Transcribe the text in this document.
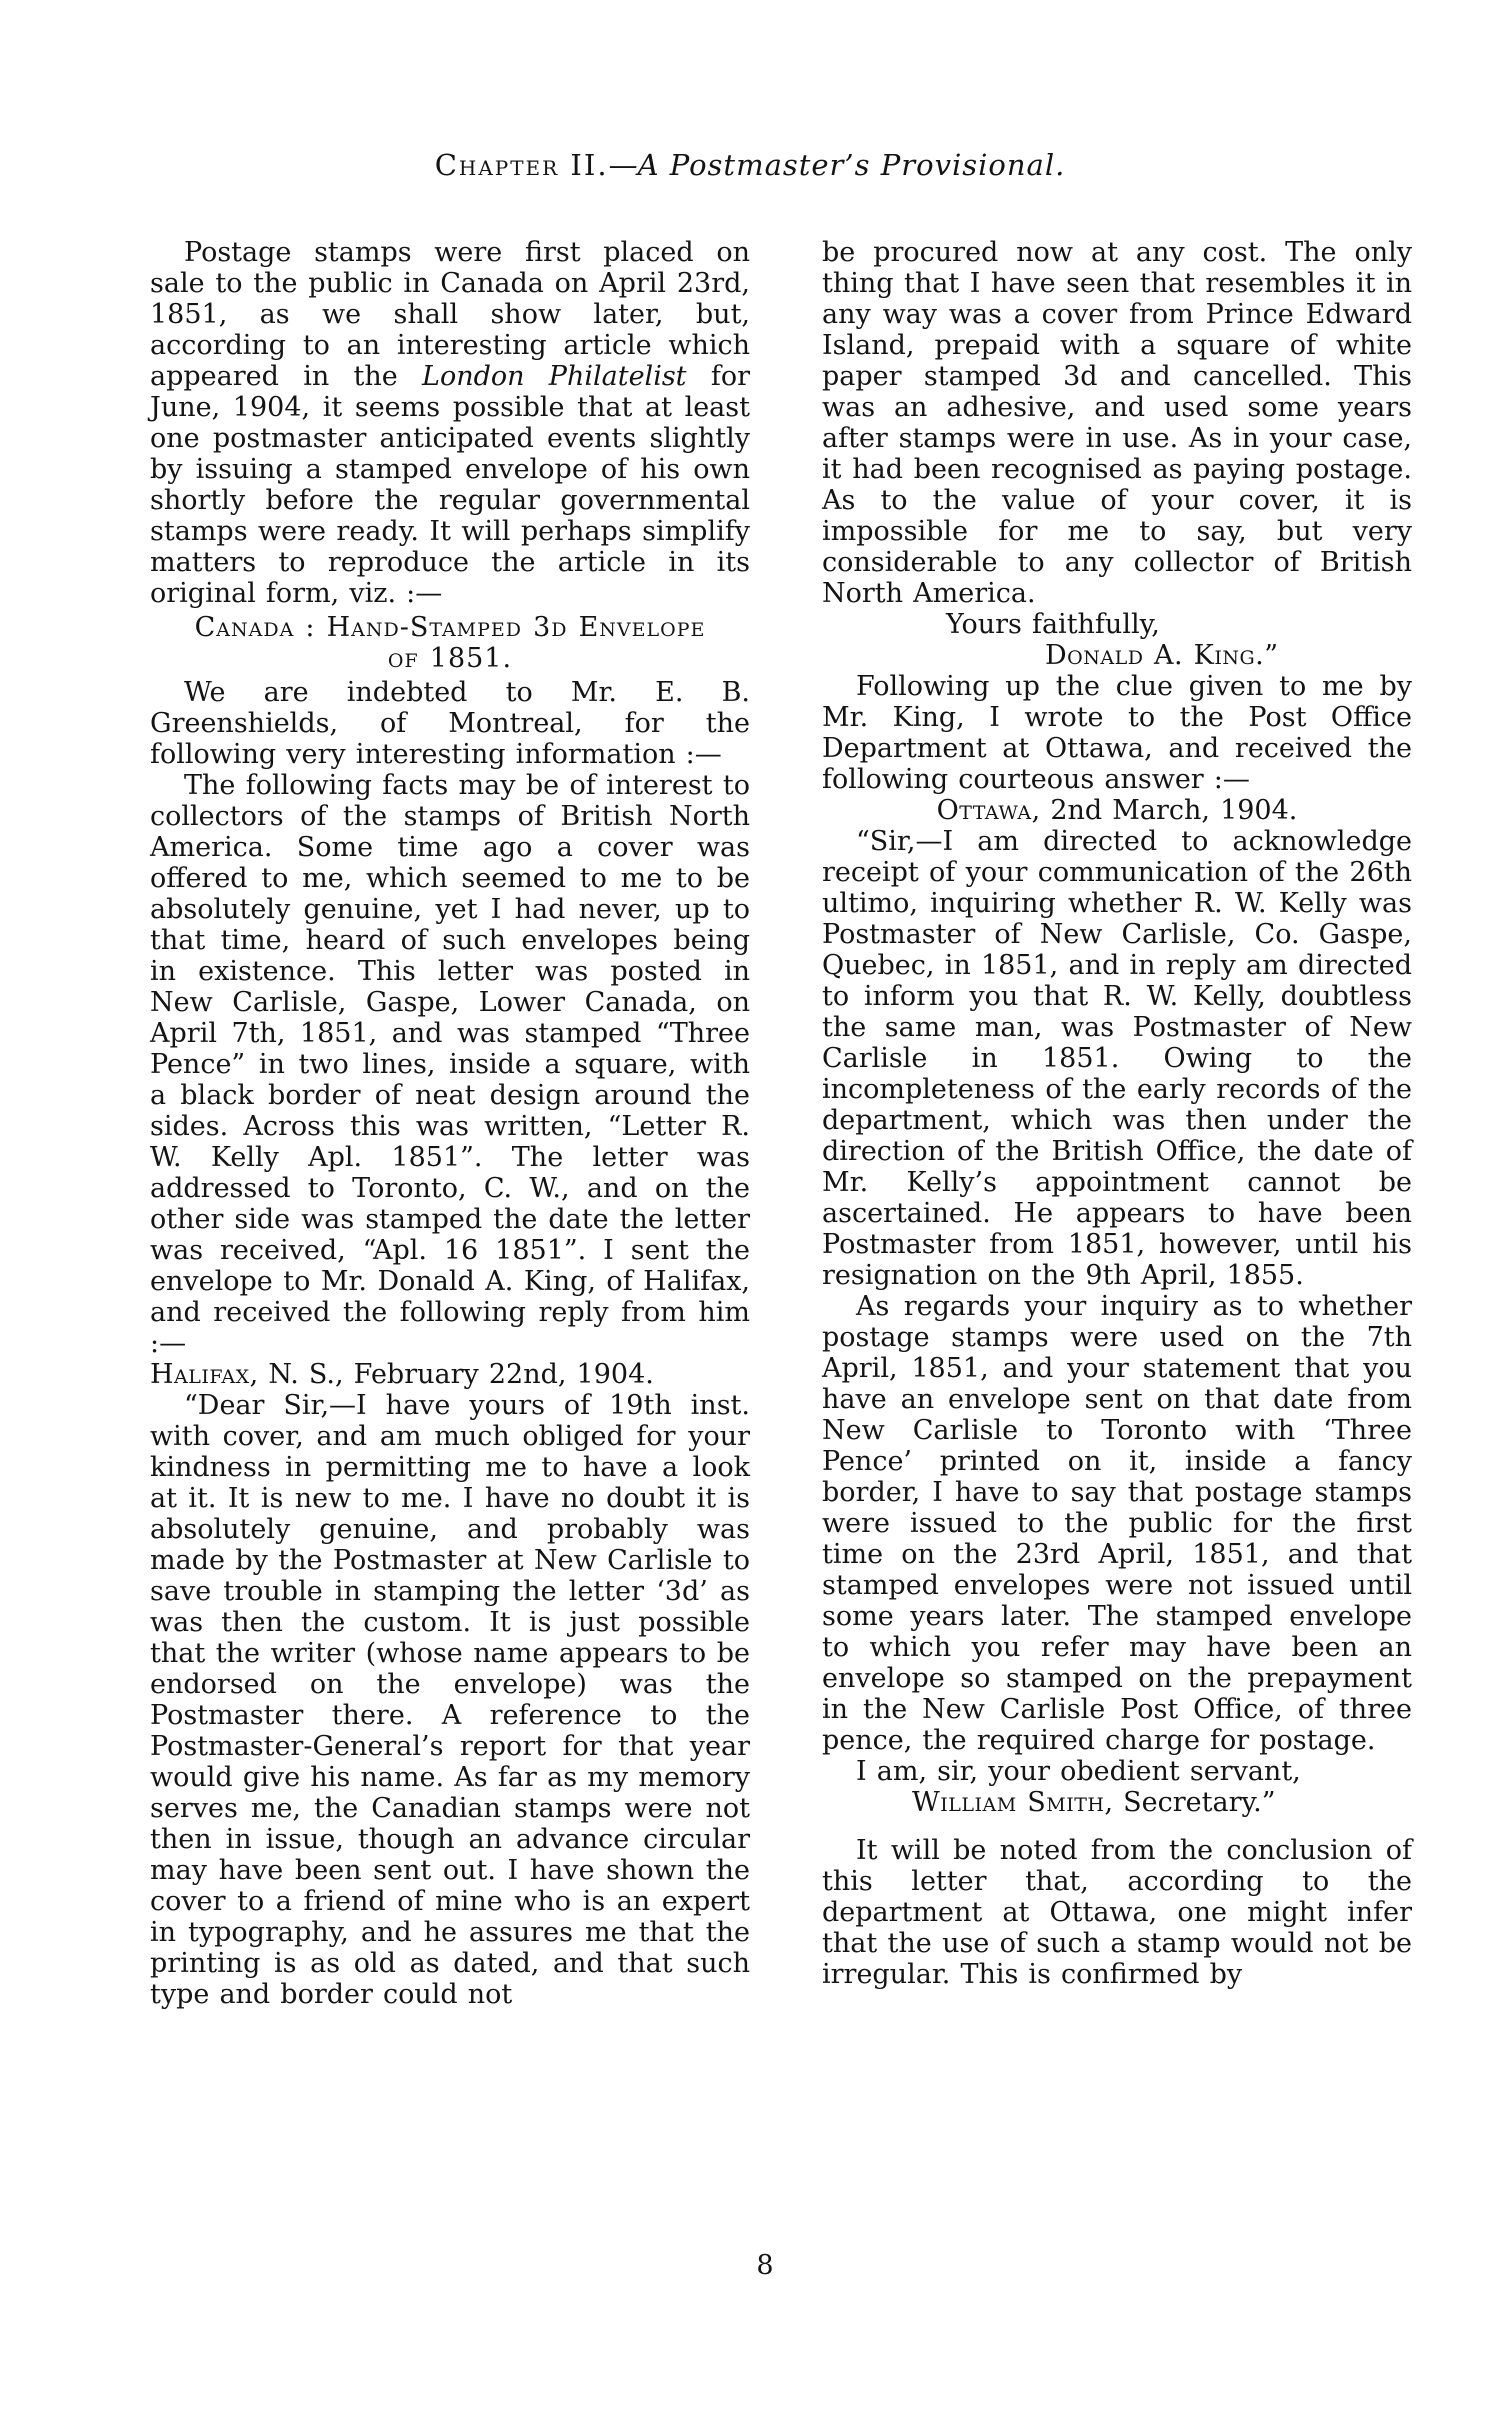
Chapter II.—A Postmaster’s Provisional.
Postage stamps were first placed on sale to the public in Canada on April 23rd, 1851, as we shall show later, but, according to an interesting article which appeared in the London Philatelist for June, 1904, it seems possible that at least one postmaster anticipated events slightly by issuing a stamped envelope of his own shortly before the regular governmental stamps were ready. It will perhaps simplify matters to reproduce the article in its original form, viz. :—
Canada : Hand-Stamped 3d Envelope
of 1851.
We are indebted to Mr. E. B. Greenshields, of Montreal, for the following very interesting information :—
The following facts may be of interest to collectors of the stamps of British North America. Some time ago a cover was offered to me, which seemed to me to be absolutely genuine, yet I had never, up to that time, heard of such envelopes being in existence. This letter was posted in New Carlisle, Gaspe, Lower Canada, on April 7th, 1851, and was stamped “Three Pence” in two lines, inside a square, with a black border of neat design around the sides. Across this was written, “Letter R. W. Kelly Apl. 1851”. The letter was addressed to Toronto, C. W., and on the other side was stamped the date the letter was received, “Apl. 16 1851”. I sent the envelope to Mr. Donald A. King, of Halifax, and received the following reply from him :—
Halifax, N. S., February 22nd, 1904.
“Dear Sir,—I have yours of 19th inst. with cover, and am much obliged for your kindness in permitting me to have a look at it. It is new to me. I have no doubt it is absolutely genuine, and probably was made by the Postmaster at New Carlisle to save trouble in stamping the letter ‘3d’ as was then the custom. It is just possible that the writer (whose name appears to be endorsed on the envelope) was the Postmaster there. A reference to the Postmaster-General’s report for that year would give his name. As far as my memory serves me, the Canadian stamps were not then in issue, though an advance circular may have been sent out. I have shown the cover to a friend of mine who is an expert in typography, and he assures me that the printing is as old as dated, and that such type and border could not
be procured now at any cost. The only thing that I have seen that resembles it in any way was a cover from Prince Edward Island, prepaid with a square of white paper stamped 3d and cancelled. This was an adhesive, and used some years after stamps were in use. As in your case, it had been recognised as paying postage. As to the value of your cover, it is impossible for me to say, but very considerable to any collector of British North America.
Yours faithfully,
Donald A. King.”
Following up the clue given to me by Mr. King, I wrote to the Post Office Department at Ottawa, and received the following courteous answer :—
Ottawa, 2nd March, 1904.
“Sir,—I am directed to acknowledge receipt of your communication of the 26th ultimo, inquiring whether R. W. Kelly was Postmaster of New Carlisle, Co. Gaspe, Quebec, in 1851, and in reply am directed to inform you that R. W. Kelly, doubtless the same man, was Postmaster of New Carlisle in 1851. Owing to the incompleteness of the early records of the department, which was then under the direction of the British Office, the date of Mr. Kelly’s appointment cannot be ascertained. He appears to have been Postmaster from 1851, however, until his resignation on the 9th April, 1855.
As regards your inquiry as to whether postage stamps were used on the 7th April, 1851, and your statement that you have an envelope sent on that date from New Carlisle to Toronto with ‘Three Pence’ printed on it, inside a fancy border, I have to say that postage stamps were issued to the public for the first time on the 23rd April, 1851, and that stamped envelopes were not issued until some years later. The stamped envelope to which you refer may have been an envelope so stamped on the prepayment in the New Carlisle Post Office, of three pence, the required charge for postage.
I am, sir, your obedient servant,
William Smith, Secretary.”
It will be noted from the conclusion of this letter that, according to the department at Ottawa, one might infer that the use of such a stamp would not be irregular. This is confirmed by
8
